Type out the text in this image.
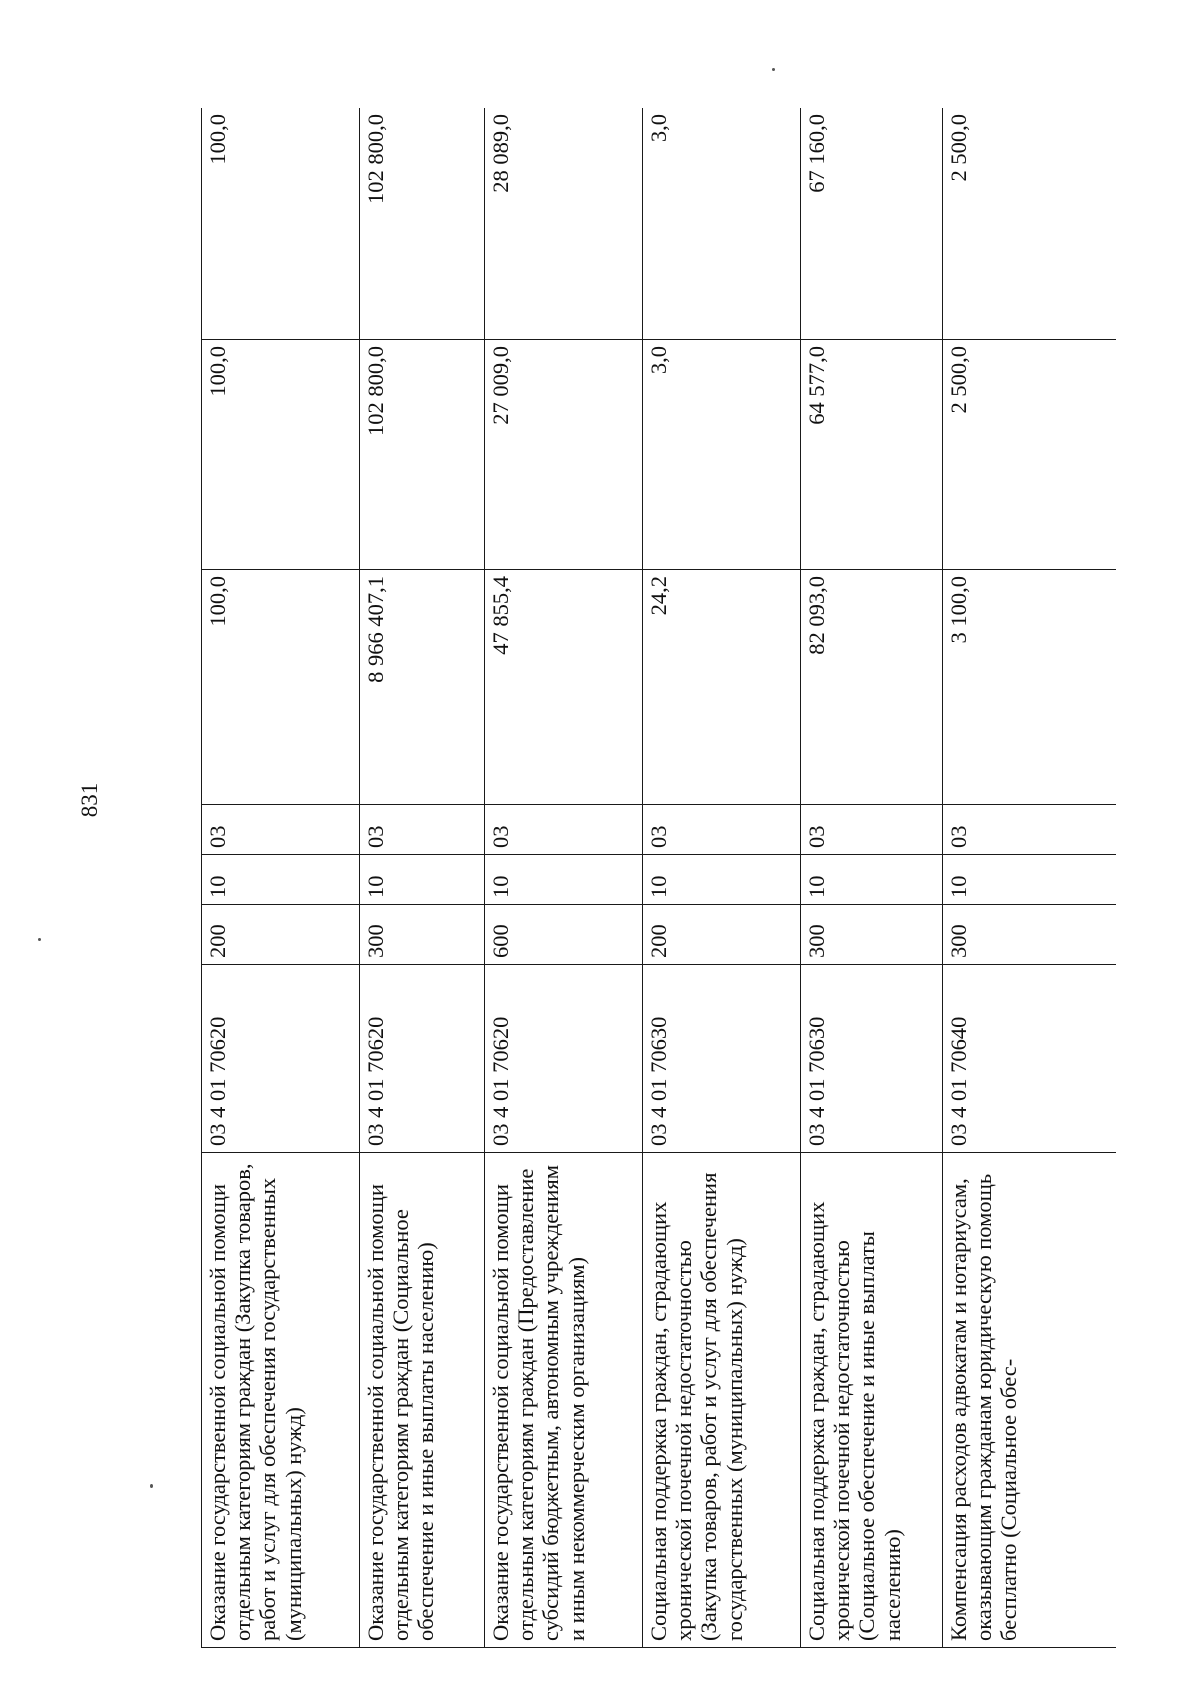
831
Оказание государственной социальной помощи отдельным категориям граждан (Закупка товаров, работ и услуг для обеспечения государственных (муниципальных) нужд)	03 4 01 70620	200	10	03	100,0	100,0	100,0
Оказание государственной социальной помощи отдельным категориям граждан (Социальное обеспечение и иные выплаты населению)	03 4 01 70620	300	10	03	8 966 407,1	102 800,0	102 800,0
Оказание государственной социальной помощи отдельным категориям граждан (Предоставление субсидий бюджетным, автономным учреждениям и иным некоммерческим организациям)	03 4 01 70620	600	10	03	47 855,4	27 009,0	28 089,0
Социальная поддержка граждан, страдающих хронической почечной недостаточностью (Закупка товаров, работ и услуг для обеспечения государственных (муниципальных) нужд)	03 4 01 70630	200	10	03	24,2	3,0	3,0
Социальная поддержка граждан, страдающих хронической почечной недостаточностью (Социальное обеспечение и иные выплаты населению)	03 4 01 70630	300	10	03	82 093,0	64 577,0	67 160,0
Компенсация расходов адвокатам и нотариусам, оказывающим гражданам юридическую помощь бесплатно (Социальное обес-	03 4 01 70640	300	10	03	3 100,0	2 500,0	2 500,0
